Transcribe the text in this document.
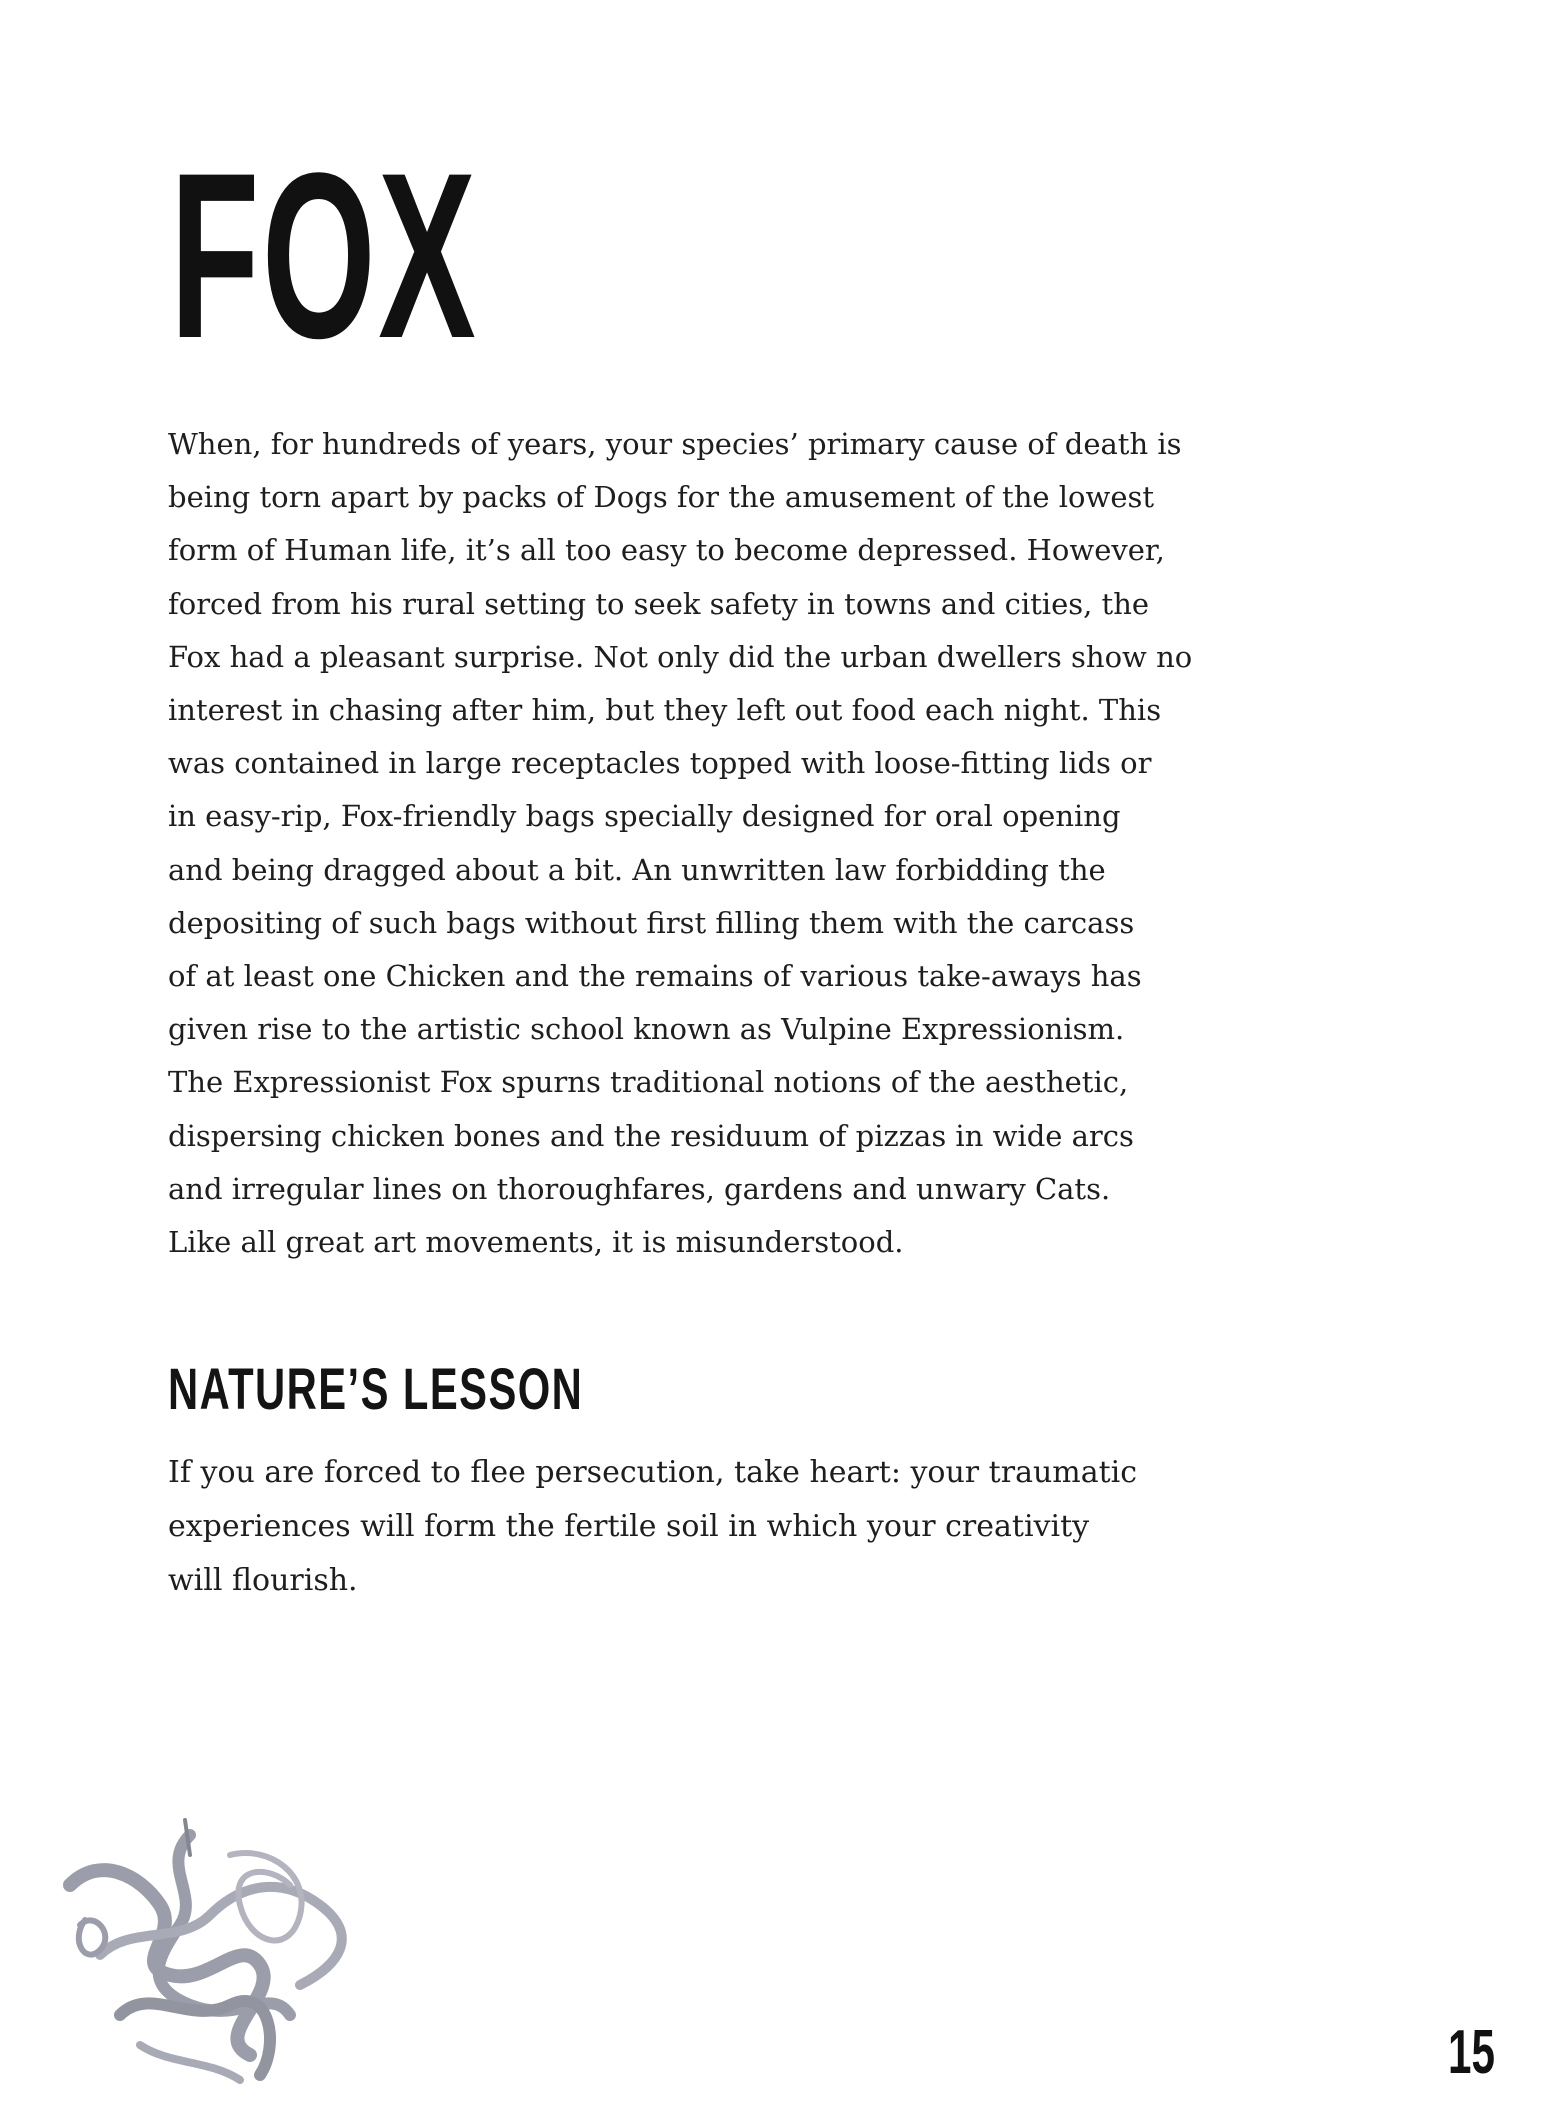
FOX

When, for hundreds of years, your species’ primary cause of death is
being torn apart by packs of Dogs for the amusement of the lowest
form of Human life, it’s all too easy to become depressed. However,
forced from his rural setting to seek safety in towns and cities, the
Fox had a pleasant surprise. Not only did the urban dwellers show no
interest in chasing after him, but they left out food each night. This
was contained in large receptacles topped with loose-fitting lids or
in easy-rip, Fox-friendly bags specially designed for oral opening
and being dragged about a bit. An unwritten law forbidding the
depositing of such bags without first filling them with the carcass
of at least one Chicken and the remains of various take-aways has
given rise to the artistic school known as Vulpine Expressionism.
The Expressionist Fox spurns traditional notions of the aesthetic,
dispersing chicken bones and the residuum of pizzas in wide arcs
and irregular lines on thoroughfares, gardens and unwary Cats.
Like all great art movements, it is misunderstood.

NATURE’S LESSON

If you are forced to flee persecution, take heart: your traumatic
experiences will form the fertile soil in which your creativity
will flourish.

15
